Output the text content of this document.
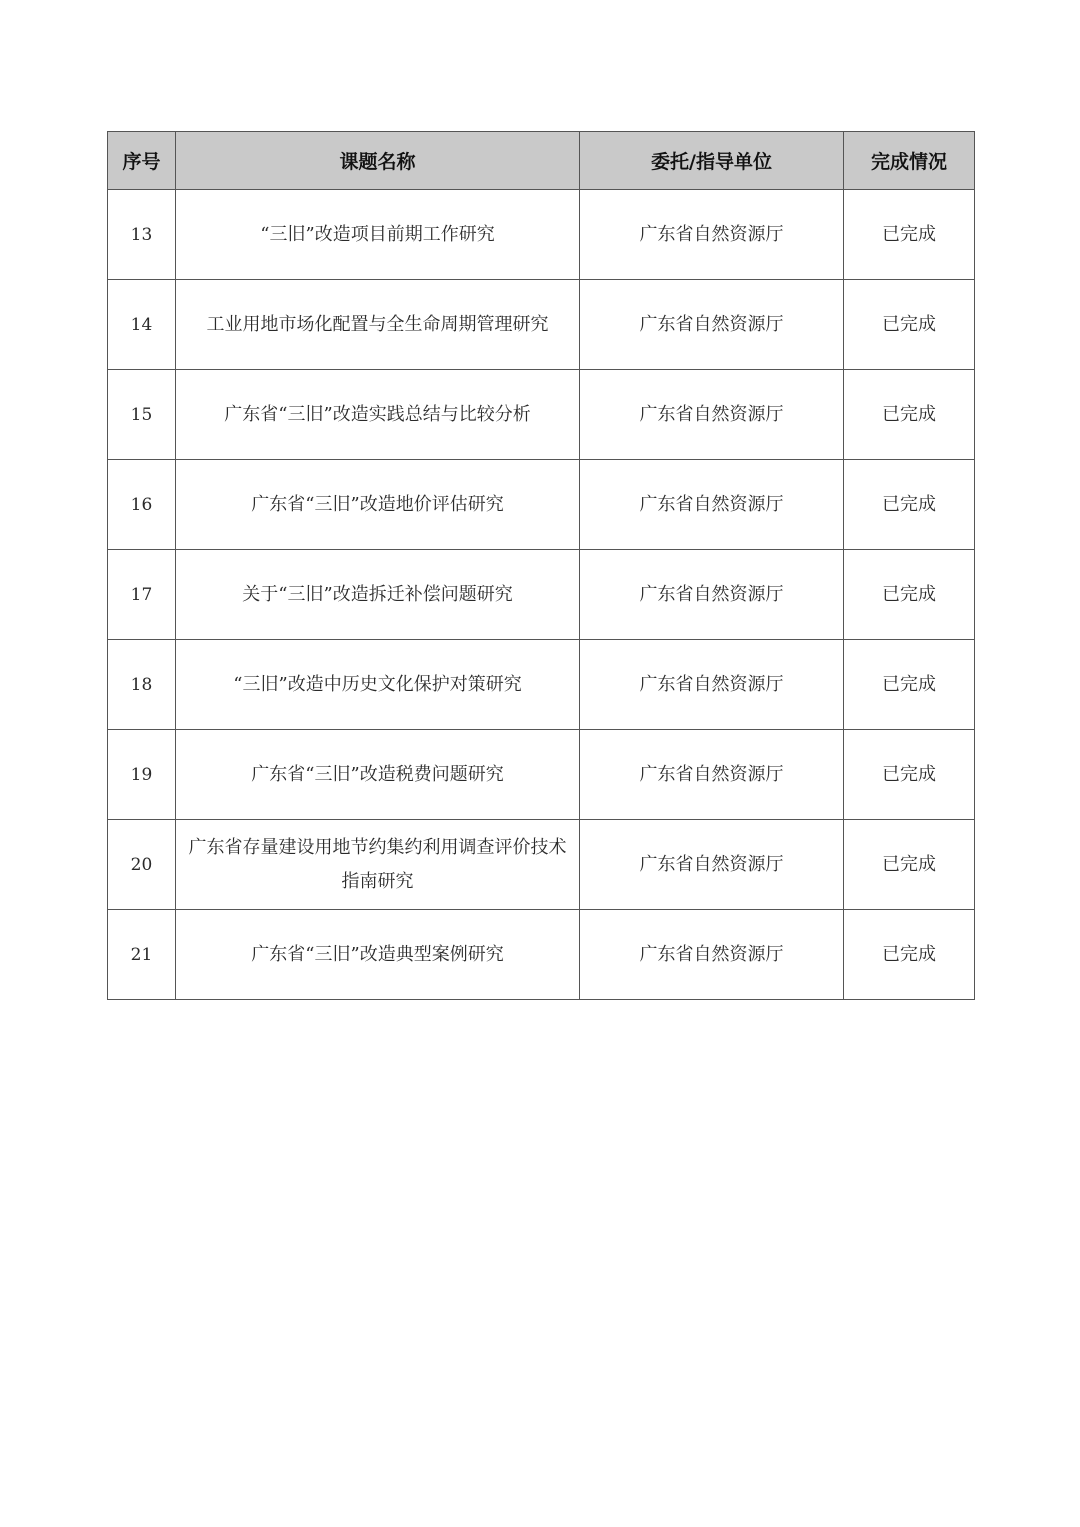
序号	课题名称	委托/指导单位	完成情况
13	“三旧”改造项目前期工作研究	广东省自然资源厅	已完成
14	工业用地市场化配置与全生命周期管理研究	广东省自然资源厅	已完成
15	广东省“三旧”改造实践总结与比较分析	广东省自然资源厅	已完成
16	广东省“三旧”改造地价评估研究	广东省自然资源厅	已完成
17	关于“三旧”改造拆迁补偿问题研究	广东省自然资源厅	已完成
18	“三旧”改造中历史文化保护对策研究	广东省自然资源厅	已完成
19	广东省“三旧”改造税费问题研究	广东省自然资源厅	已完成
20	广东省存量建设用地节约集约利用调查评价技术指南研究	广东省自然资源厅	已完成
21	广东省“三旧”改造典型案例研究	广东省自然资源厅	已完成
